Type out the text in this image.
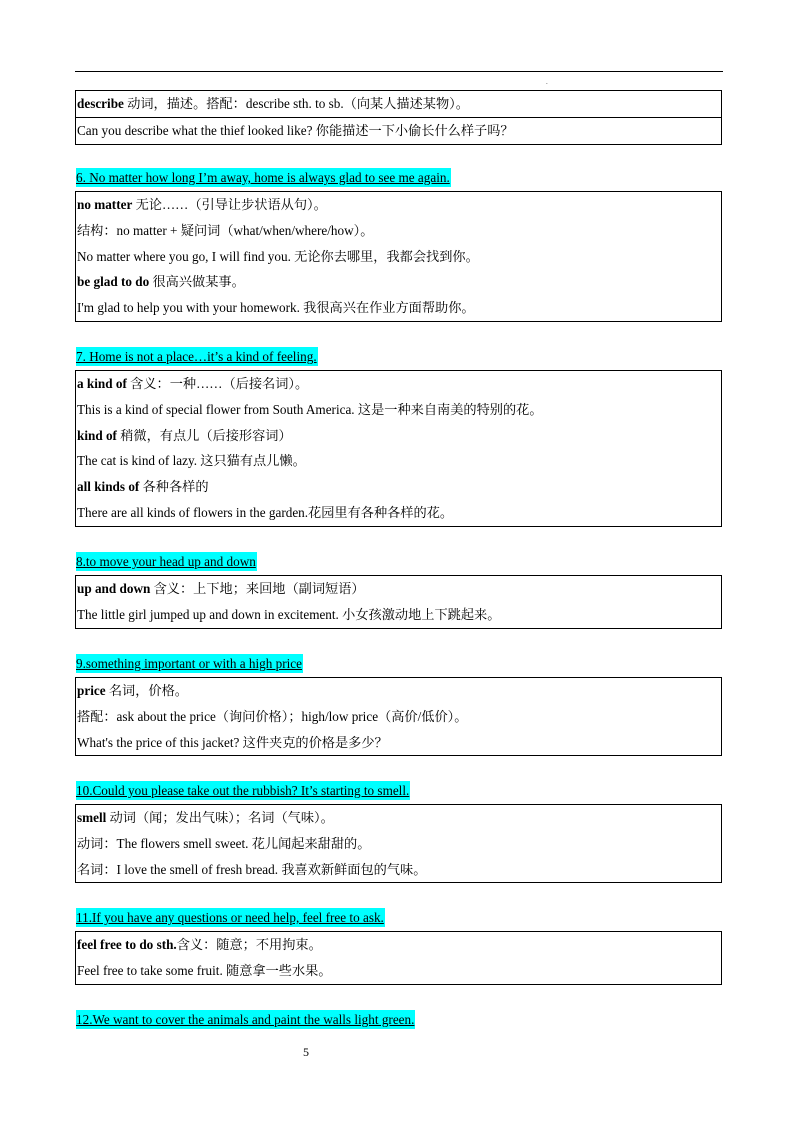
.
describe 动词，描述。搭配：describe sth. to sb.（向某人描述某物）。
Can you describe what the thief looked like? 你能描述一下小偷长什么样子吗？
6. No matter how long I’m away, home is always glad to see me again.
no matter 无论……（引导让步状语从句）。
结构：no matter + 疑问词（what/when/where/how）。
No matter where you go, I will find you. 无论你去哪里，我都会找到你。
be glad to do 很高兴做某事。
I'm glad to help you with your homework. 我很高兴在作业方面帮助你。
7. Home is not a place…it’s a kind of feeling.
a kind of 含义：一种……（后接名词）。
This is a kind of special flower from South America. 这是一种来自南美的特别的花。
kind of 稍微，有点儿（后接形容词）
The cat is kind of lazy. 这只猫有点儿懒。
all kinds of 各种各样的
There are all kinds of flowers in the garden.花园里有各种各样的花。
8.to move your head up and down
up and down 含义：上下地；来回地（副词短语）
The little girl jumped up and down in excitement. 小女孩激动地上下跳起来。
9.something important or with a high price
price 名词，价格。
搭配：ask about the price（询问价格）；high/low price（高价/低价）。
What's the price of this jacket? 这件夹克的价格是多少？
10.Could you please take out the rubbish? It’s starting to smell.
smell 动词（闻；发出气味）；名词（气味）。
动词：The flowers smell sweet. 花儿闻起来甜甜的。
名词：I love the smell of fresh bread. 我喜欢新鲜面包的气味。
11.If you have any questions or need help, feel free to ask.
feel free to do sth.含义：随意；不用拘束。
Feel free to take some fruit. 随意拿一些水果。
12.We want to cover the animals and paint the walls light green.
5
